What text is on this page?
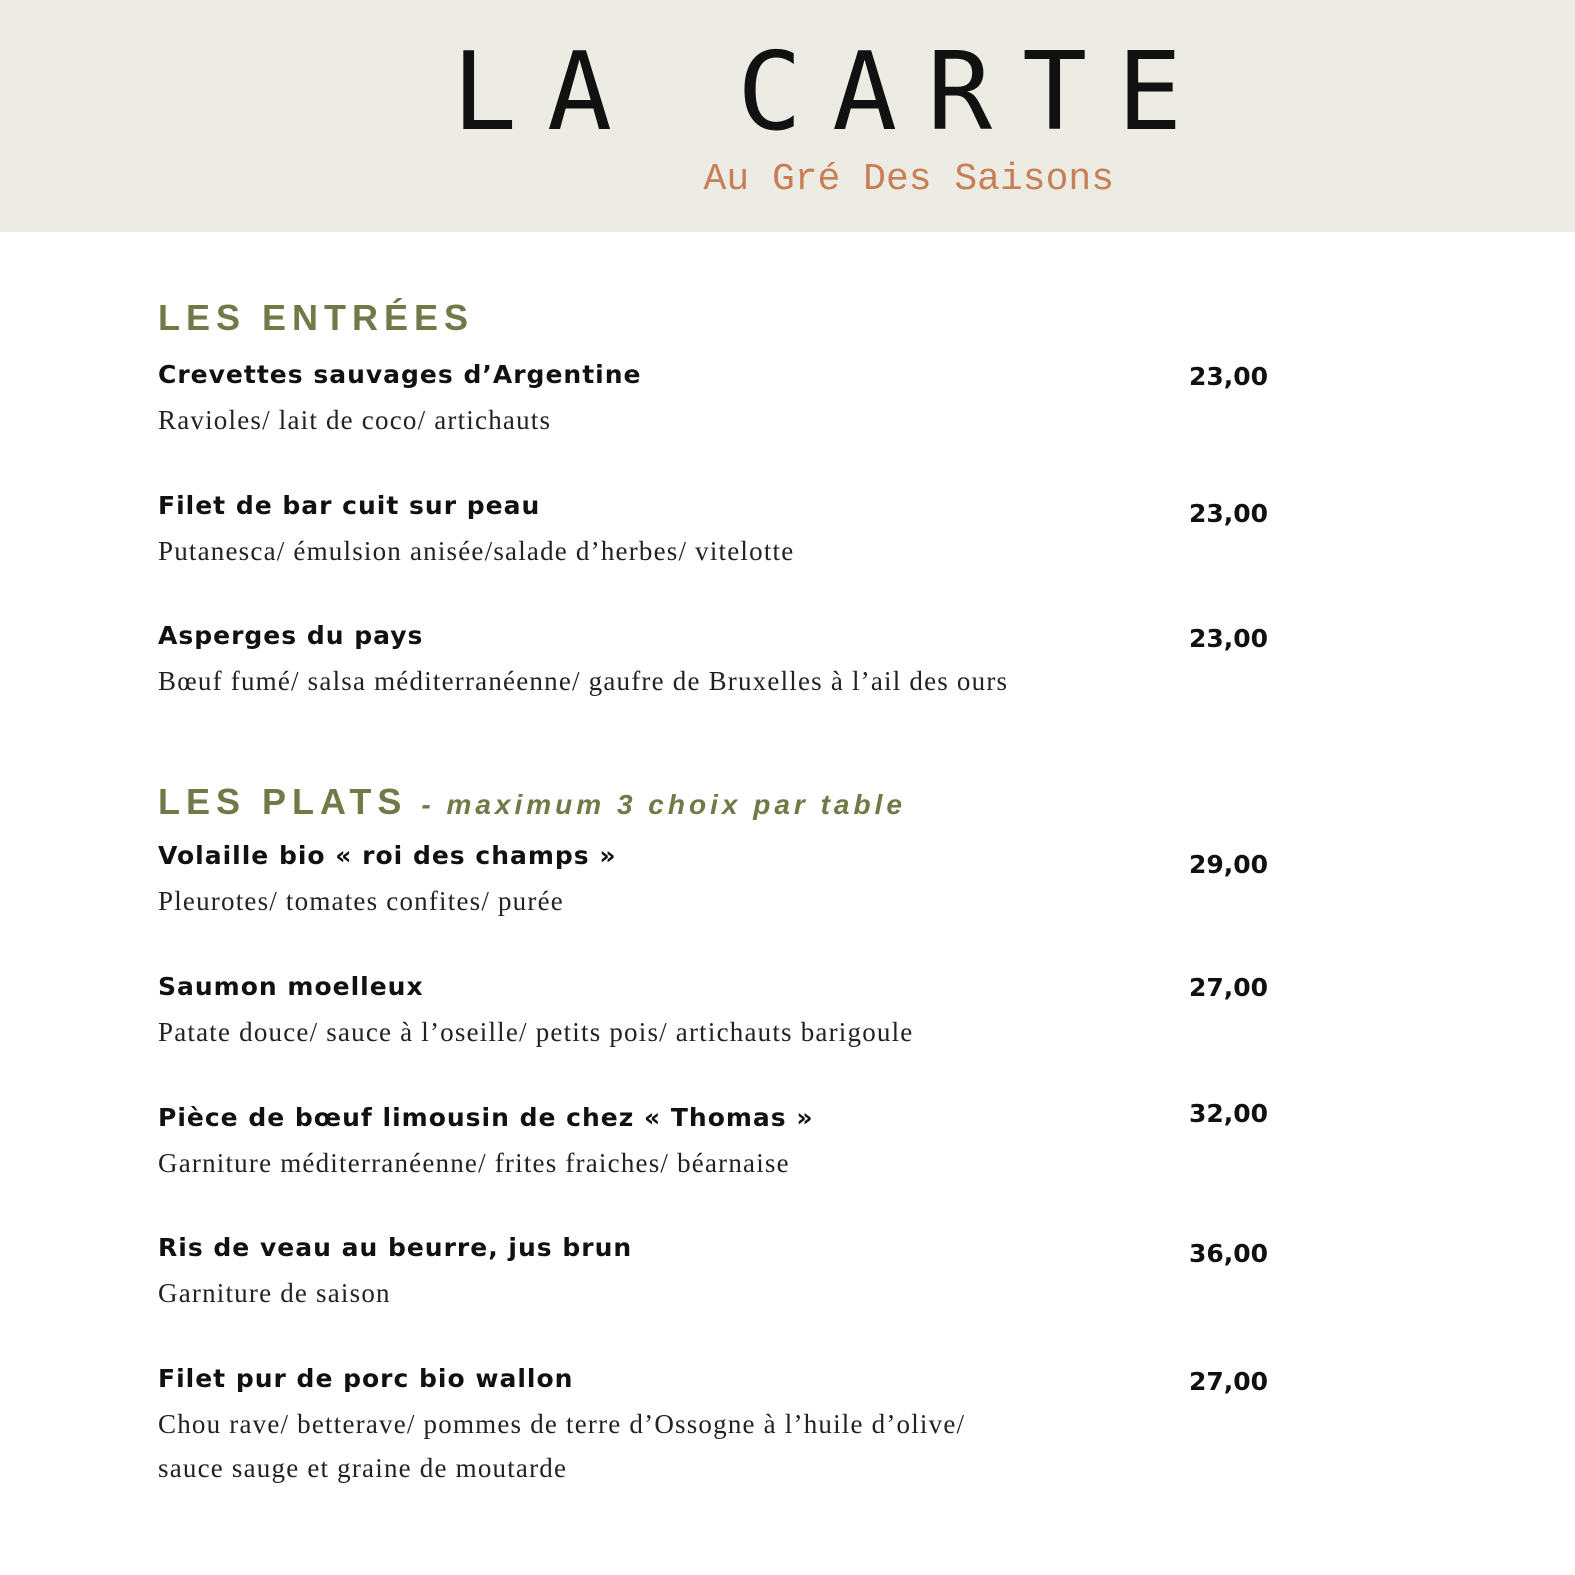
LA CARTE
Au Gré Des Saisons
LES ENTRÉES
Crevettes sauvages d’Argentine	23,00
Ravioles/ lait de coco/ artichauts
Filet de bar cuit sur peau	23,00
Putanesca/ émulsion anisée/salade d’herbes/ vitelotte
Asperges du pays	23,00
Bœuf fumé/ salsa méditerranéenne/ gaufre de Bruxelles à l’ail des ours
LES PLATS - maximum 3 choix par table
Volaille bio « roi des champs »	29,00
Pleurotes/ tomates confites/ purée
Saumon moelleux	27,00
Patate douce/ sauce à l’oseille/ petits pois/ artichauts barigoule
Pièce de bœuf limousin de chez « Thomas »	32,00
Garniture méditerranéenne/ frites fraiches/ béarnaise
Ris de veau au beurre, jus brun	36,00
Garniture de saison
Filet pur de porc bio wallon	27,00
Chou rave/ betterave/ pommes de terre d’Ossogne à l’huile d’olive/ sauce sauge et graine de moutarde
